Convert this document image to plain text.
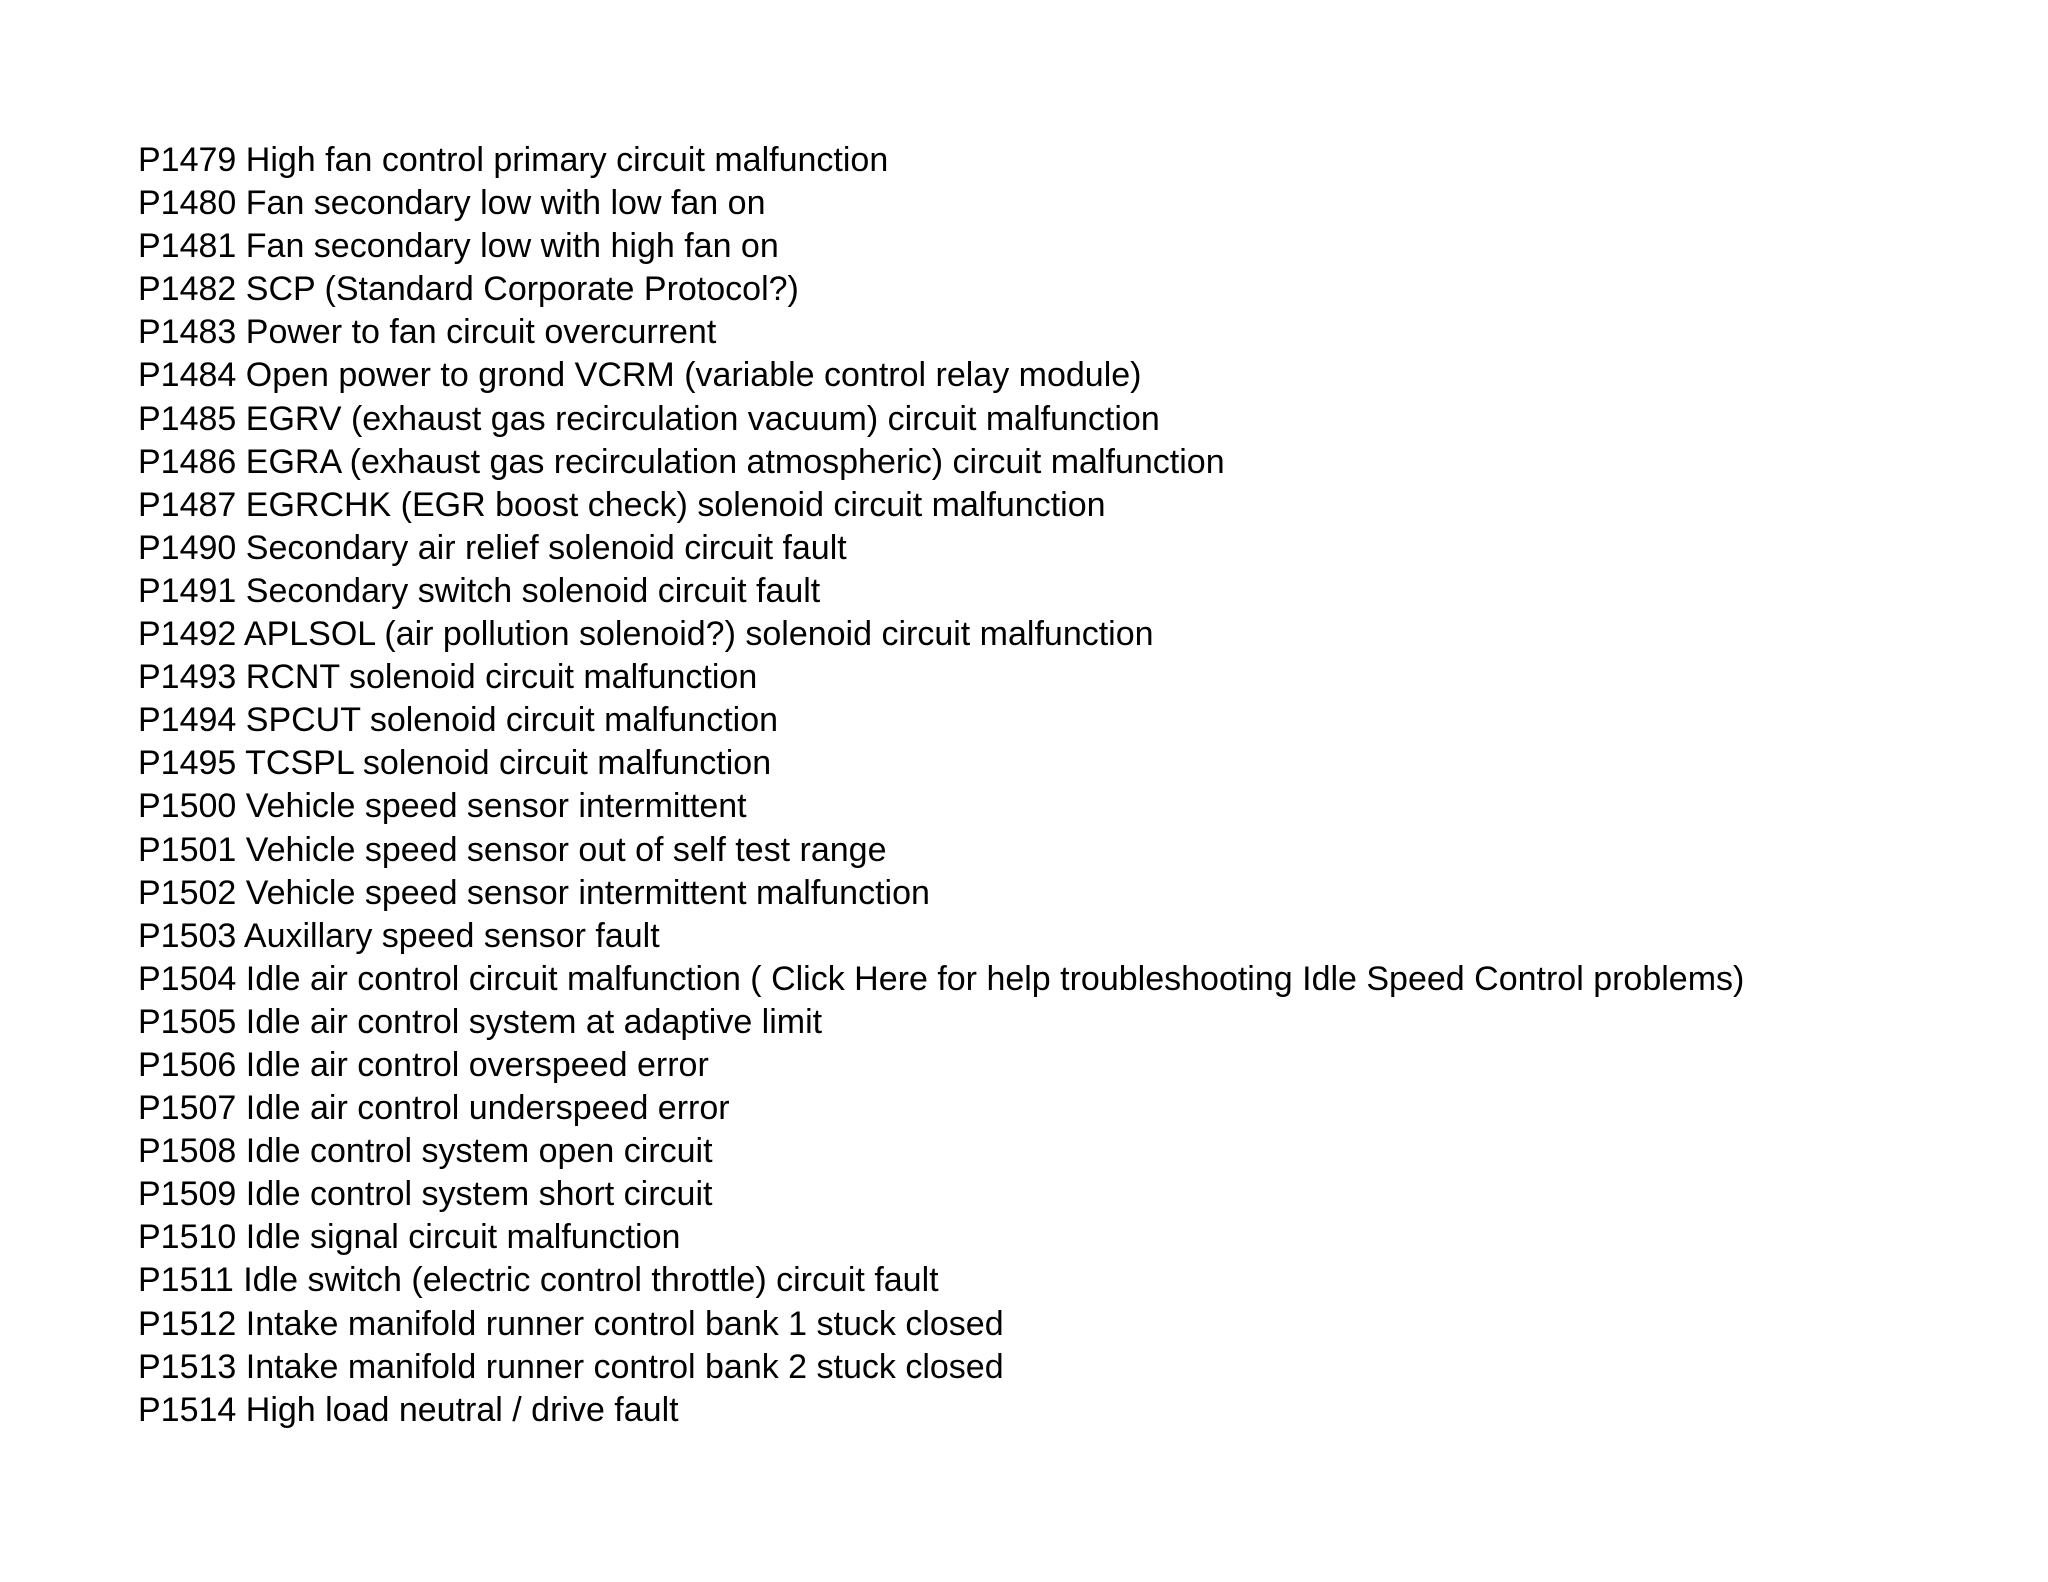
P1479 High fan control primary circuit malfunction
P1480 Fan secondary low with low fan on
P1481 Fan secondary low with high fan on
P1482 SCP (Standard Corporate Protocol?)
P1483 Power to fan circuit overcurrent
P1484 Open power to grond VCRM (variable control relay module)
P1485 EGRV (exhaust gas recirculation vacuum) circuit malfunction
P1486 EGRA (exhaust gas recirculation atmospheric) circuit malfunction
P1487 EGRCHK (EGR boost check) solenoid circuit malfunction
P1490 Secondary air relief solenoid circuit fault
P1491 Secondary switch solenoid circuit fault
P1492 APLSOL (air pollution solenoid?) solenoid circuit malfunction
P1493 RCNT solenoid circuit malfunction
P1494 SPCUT solenoid circuit malfunction
P1495 TCSPL solenoid circuit malfunction
P1500 Vehicle speed sensor intermittent
P1501 Vehicle speed sensor out of self test range
P1502 Vehicle speed sensor intermittent malfunction
P1503 Auxillary speed sensor fault
P1504 Idle air control circuit malfunction ( Click Here for help troubleshooting Idle Speed Control problems)
P1505 Idle air control system at adaptive limit
P1506 Idle air control overspeed error
P1507 Idle air control underspeed error
P1508 Idle control system open circuit
P1509 Idle control system short circuit
P1510 Idle signal circuit malfunction
P1511 Idle switch (electric control throttle) circuit fault
P1512 Intake manifold runner control bank 1 stuck closed
P1513 Intake manifold runner control bank 2 stuck closed
P1514 High load neutral / drive fault
